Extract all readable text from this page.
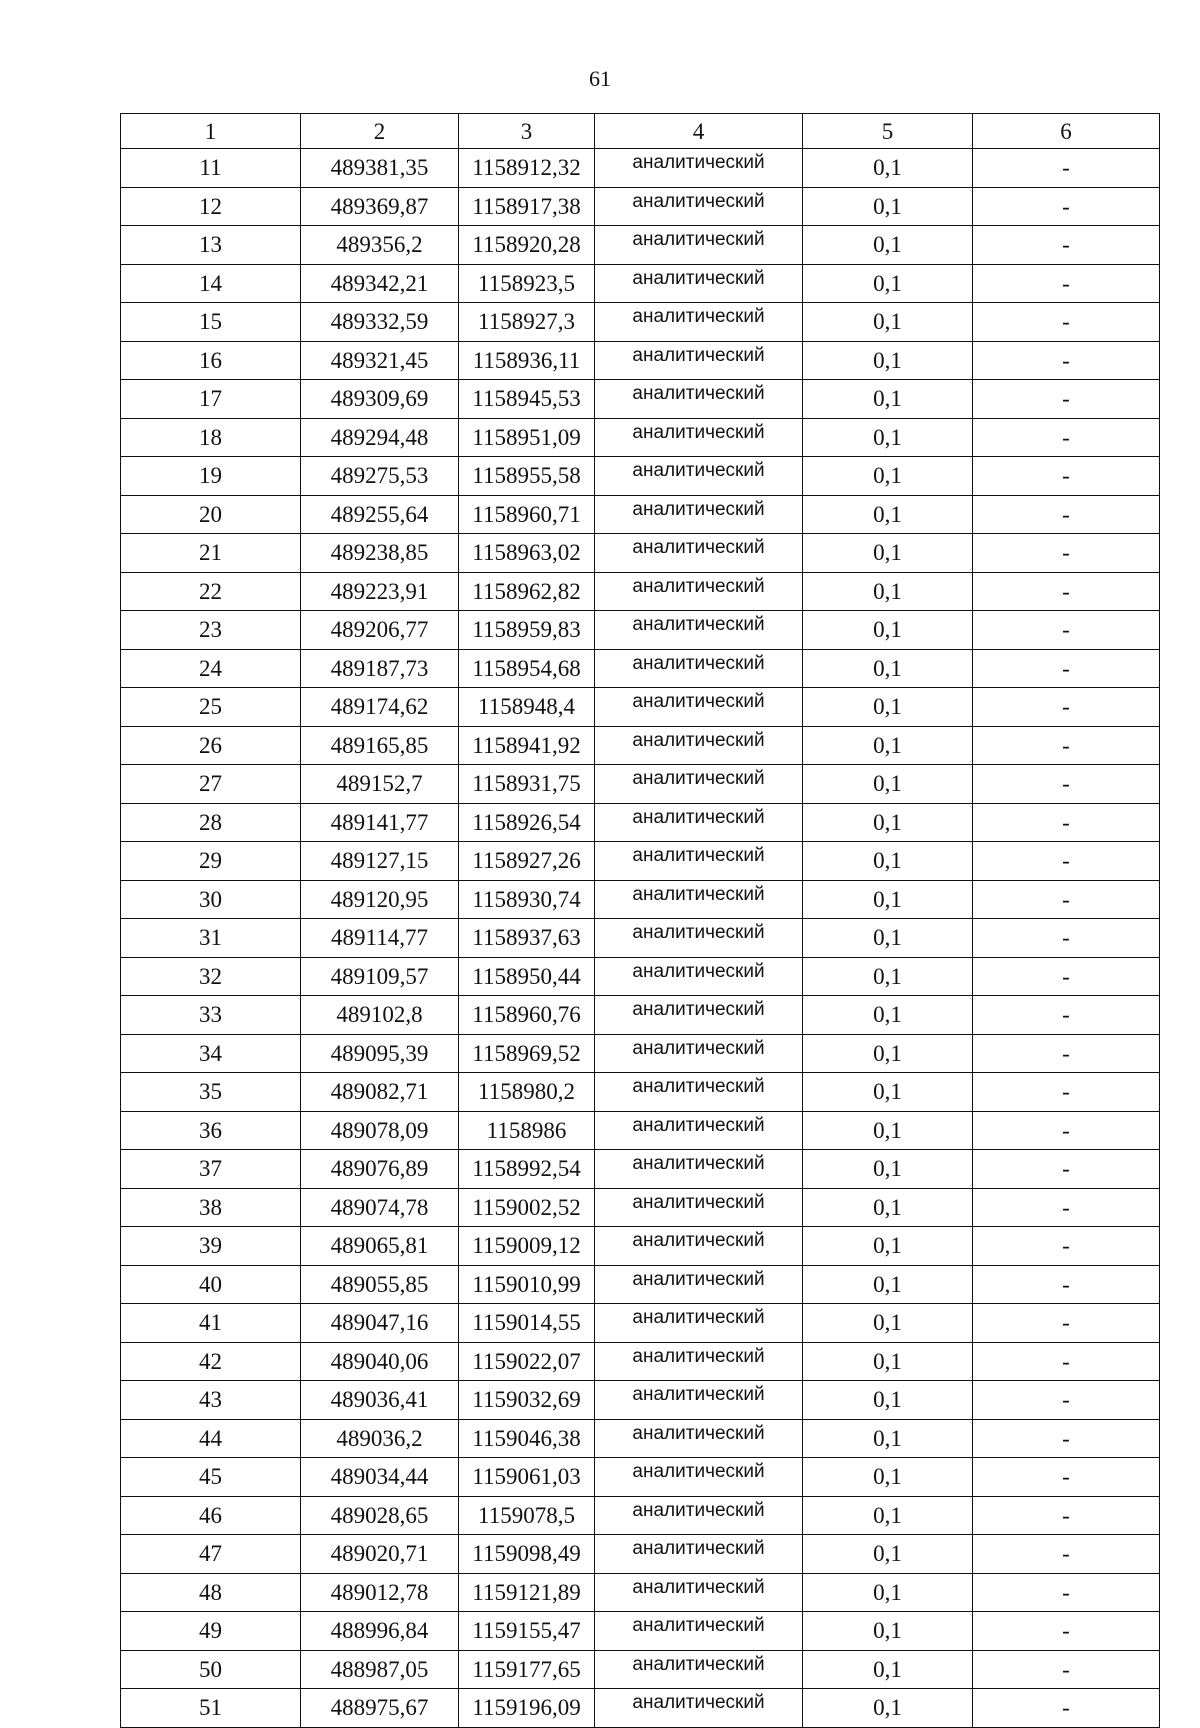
61
1	2	3	4	5	6
11	489381,35	1158912,32	аналитический	0,1	-
12	489369,87	1158917,38	аналитический	0,1	-
13	489356,2	1158920,28	аналитический	0,1	-
14	489342,21	1158923,5	аналитический	0,1	-
15	489332,59	1158927,3	аналитический	0,1	-
16	489321,45	1158936,11	аналитический	0,1	-
17	489309,69	1158945,53	аналитический	0,1	-
18	489294,48	1158951,09	аналитический	0,1	-
19	489275,53	1158955,58	аналитический	0,1	-
20	489255,64	1158960,71	аналитический	0,1	-
21	489238,85	1158963,02	аналитический	0,1	-
22	489223,91	1158962,82	аналитический	0,1	-
23	489206,77	1158959,83	аналитический	0,1	-
24	489187,73	1158954,68	аналитический	0,1	-
25	489174,62	1158948,4	аналитический	0,1	-
26	489165,85	1158941,92	аналитический	0,1	-
27	489152,7	1158931,75	аналитический	0,1	-
28	489141,77	1158926,54	аналитический	0,1	-
29	489127,15	1158927,26	аналитический	0,1	-
30	489120,95	1158930,74	аналитический	0,1	-
31	489114,77	1158937,63	аналитический	0,1	-
32	489109,57	1158950,44	аналитический	0,1	-
33	489102,8	1158960,76	аналитический	0,1	-
34	489095,39	1158969,52	аналитический	0,1	-
35	489082,71	1158980,2	аналитический	0,1	-
36	489078,09	1158986	аналитический	0,1	-
37	489076,89	1158992,54	аналитический	0,1	-
38	489074,78	1159002,52	аналитический	0,1	-
39	489065,81	1159009,12	аналитический	0,1	-
40	489055,85	1159010,99	аналитический	0,1	-
41	489047,16	1159014,55	аналитический	0,1	-
42	489040,06	1159022,07	аналитический	0,1	-
43	489036,41	1159032,69	аналитический	0,1	-
44	489036,2	1159046,38	аналитический	0,1	-
45	489034,44	1159061,03	аналитический	0,1	-
46	489028,65	1159078,5	аналитический	0,1	-
47	489020,71	1159098,49	аналитический	0,1	-
48	489012,78	1159121,89	аналитический	0,1	-
49	488996,84	1159155,47	аналитический	0,1	-
50	488987,05	1159177,65	аналитический	0,1	-
51	488975,67	1159196,09	аналитический	0,1	-
